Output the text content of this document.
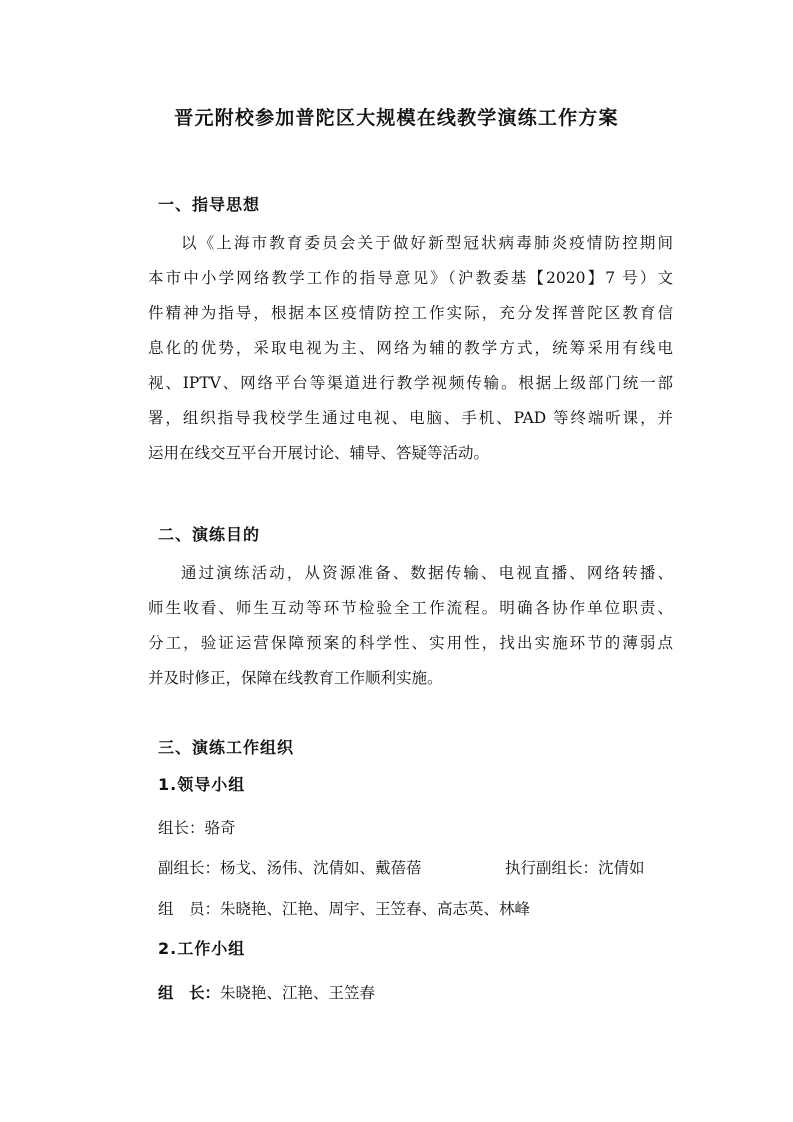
晋元附校参加普陀区大规模在线教学演练工作方案
一、指导思想
以《上海市教育委员会关于做好新型冠状病毒肺炎疫情防控期间
本市中小学网络教学工作的指导意见》（沪教委基【2020】7 号）文
件精神为指导，根据本区疫情防控工作实际，充分发挥普陀区教育信
息化的优势，采取电视为主、网络为辅的教学方式，统筹采用有线电
视、IPTV、网络平台等渠道进行教学视频传输。根据上级部门统一部
署，组织指导我校学生通过电视、电脑、手机、PAD 等终端听课，并
运用在线交互平台开展讨论、辅导、答疑等活动。
二、演练目的
通过演练活动，从资源准备、数据传输、电视直播、网络转播、
师生收看、师生互动等环节检验全工作流程。明确各协作单位职责、
分工，验证运营保障预案的科学性、实用性，找出实施环节的薄弱点
并及时修正，保障在线教育工作顺利实施。
三、演练工作组织
1.领导小组
组长：骆奇
副组长：杨戈、汤伟、沈倩如、戴蓓蓓	执行副组长：沈倩如
组　员：朱晓艳、江艳、周宇、王笠春、高志英、林峰
2.工作小组
组　长：朱晓艳、江艳、王笠春
